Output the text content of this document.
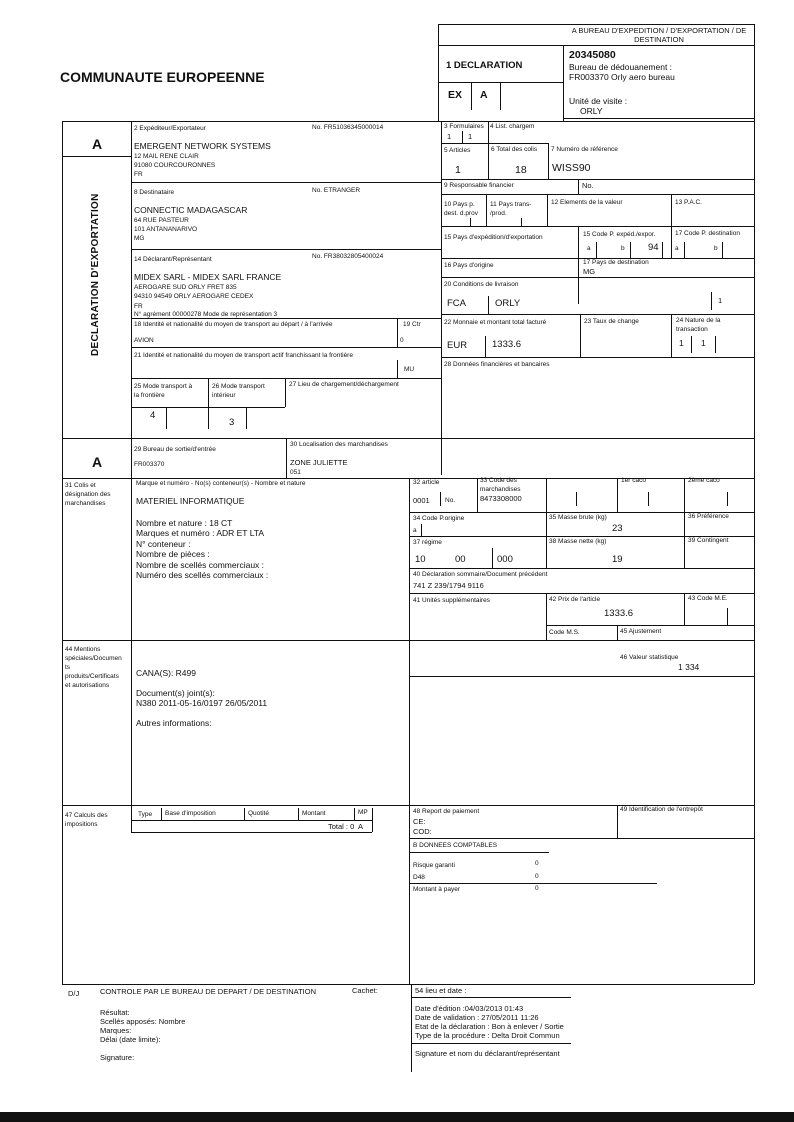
COMMUNAUTE EUROPEENNE
A BUREAU D'EXPEDITION / D'EXPORTATION / DE DESTINATION
1 DECLARATION
EX A
20345080
Bureau de dédouanement :
FR003370 Orly aero bureau
Unité de visite :
ORLY
A
DECLARATION D'EXPORTATION
A
2 Expéditeur/Exportateur	No. FR51036345000014
EMERGENT NETWORK SYSTEMS
12 MAIL RENE CLAIR
91080 COURCOURONNES
FR
8 Destinataire	No. ETRANGER
CONNECTIC MADAGASCAR
64 RUE PASTEUR
101 ANTANANARIVO
MG
14 Déclarant/Représentant	No. FR38032805400024
MIDEX SARL - MIDEX SARL FRANCE
AEROGARE SUD ORLY FRET 835
94310 94549 ORLY AEROGARE CEDEX
FR
N° agrément 00000278 Mode de représentation 3
18 Identité et nationalité du moyen de transport au départ / à l'arrivée
AVION
19 Ctr
0
21 Identité et nationalité du moyen de transport actif franchissant la frontière
MU
25 Mode transport à
la frontière
26 Mode transport
intérieur
27 Lieu de chargement/déchargement
4
3
3 Formulaires 4 List. chargem
1 1
5 Articles	6 Total des colis 7 Numéro de référence
1	18 WISS90
9 Responsable financier	No.
10 Pays p.
dest. d.prov
11 Pays trans-
/prod.
12 Elements de la valeur	13 P.A.C.
15 Pays d'expédition/d'exportation	15 Code P. expéd./expor.	17 Code P. destination
a	b 94	a	b
16 Pays d'origine	17 Pays de destination
MG
20 Conditions de livraison
FCA	ORLY	1
22 Monnaie et montant total facturé	23 Taux de change	24 Nature de la
transaction
EUR	1333.6	1 1
28 Données financières et bancaires
29 Bureau de sortie/d'entrée
FR003370
30 Localisation des marchandises
ZONE JULIETTE
051
31 Colis et
désignation des
marchandises
Marque et numéro - No(s) conteneur(s) - Nombre et nature
MATERIEL INFORMATIQUE
Nombre et nature : 18 CT
Marques et numéro : ADR ET LTA
N° conteneur :
Nombre de pièces :
Nombre de scellés commerciaux :
Numéro des scellés commerciaux :
32 article	33 Code des
marchandises
1er caco	2ème caco
0001 No.	8473308000
34 Code P.origine	35 Masse brute (kg)	36 Préférence
a	23
37 régime	38 Masse nette (kg)	39 Contingent
10	00	000	19
40 Déclaration sommaire/Document précédent
741 Z 239/1794 9116
41 Unités supplémentaires	42 Prix de l'article	43 Code M.E.
1333.6
Code M.S.	45 Ajustement
46 Valeur statistique
1 334
44 Mentions
spéciales/Documen
ts
produits/Certificats
et autorisations
CANA(S): R499
Document(s) joint(s):
N380 2011-05-16/0197 26/05/2011
Autres informations:
47 Calculs des
impositions
Type Base d'imposition	Quotité	Montant	MP
Total : 0 A
48 Report de paiement
CE:
COD:
49 Identification de l'entrepôt
B DONNEES COMPTABLES
Risque garanti	0
D48	0
Montant à payer	0
D/J	CONTROLE PAR LE BUREAU DE DEPART / DE DESTINATION	Cachet:
Résultat:
Scellés apposés: Nombre
Marques:
Délai (date limite):
Signature:
54 lieu et date :
Date d'édition :04/03/2013 01:43
Date de validation : 27/05/2011 11:26
Etat de la déclaration : Bon à enlever / Sortie
Type de la procédure : Delta Droit Commun
Signature et nom du déclarant/représentant
